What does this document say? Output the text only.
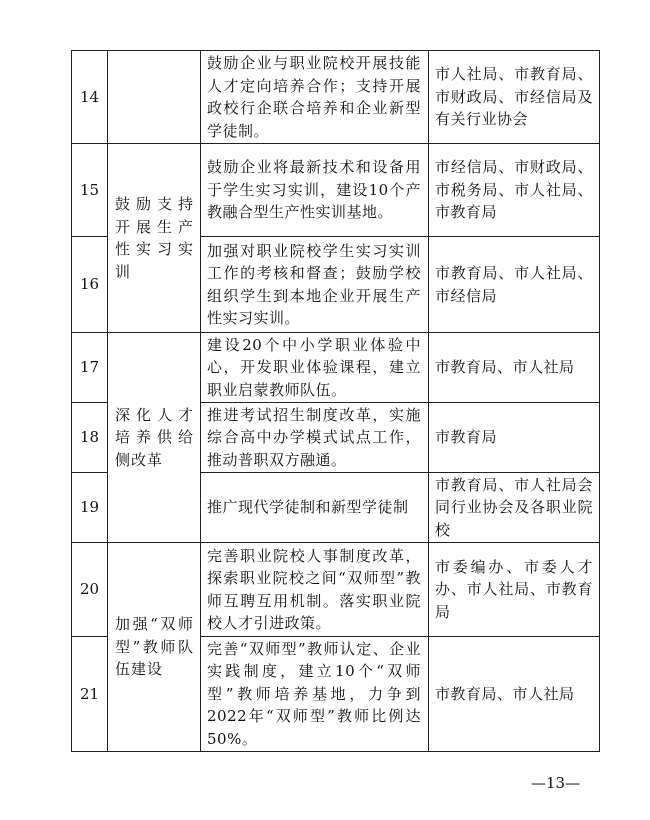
14		鼓励企业与职业院校开展技能人才定向培养合作；支持开展政校行企联合培养和企业新型学徒制。	市人社局、市教育局、市财政局、市经信局及有关行业协会
15	鼓励支持开展生产性实习实训	鼓励企业将最新技术和设备用于学生实习实训，建设10个产教融合型生产性实训基地。	市经信局、市财政局、市税务局、市人社局、市教育局
16		加强对职业院校学生实习实训工作的考核和督查；鼓励学校组织学生到本地企业开展生产性实习实训。	市教育局、市人社局、市经信局
17	深化人才培养供给侧改革	建设20个中小学职业体验中心，开发职业体验课程，建立职业启蒙教师队伍。	市教育局、市人社局
18		推进考试招生制度改革，实施综合高中办学模式试点工作，推动普职双方融通。	市教育局
19		推广现代学徒制和新型学徒制	市教育局、市人社局会同行业协会及各职业院校
20	加强“双师型”教师队伍建设	完善职业院校人事制度改革，探索职业院校之间“双师型”教师互聘互用机制。落实职业院校人才引进政策。	市委编办、市委人才办、市人社局、市教育局
21		完善“双师型”教师认定、企业实践制度，建立10个“双师型”教师培养基地，力争到2022年“双师型”教师比例达50%。	市教育局、市人社局
—13—
